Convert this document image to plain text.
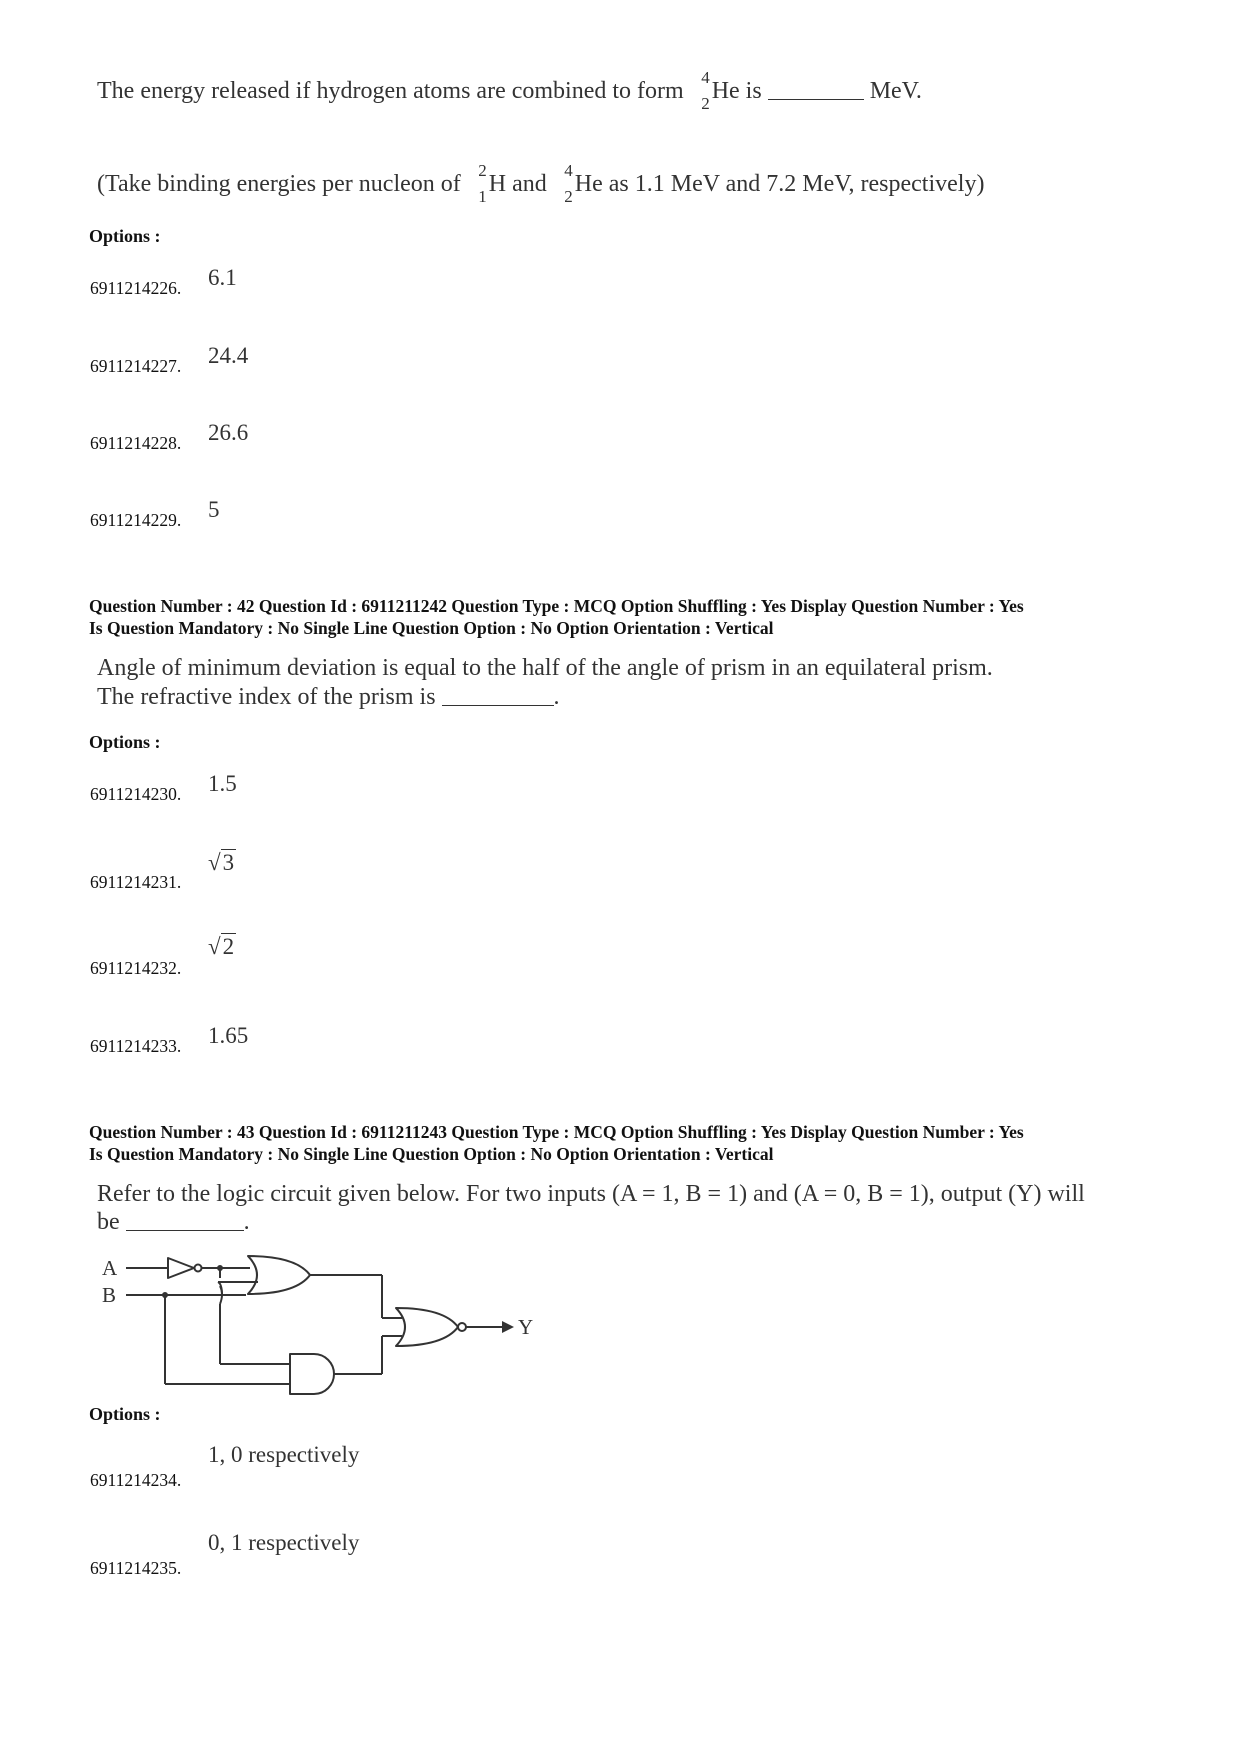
The energy released if hydrogen atoms are combined to form
4
2 He is	MeV.
(Take binding energies per nucleon of
2
1 H and
4
2 He as 1.1 MeV and 7.2 MeV, respectively)
Options :
6911214226. 6.1
6911214227. 24.4
6911214228. 26.6
6911214229. 5
Question Number : 42 Question Id : 6911211242 Question Type : MCQ Option Shuffling : Yes Display Question Number : Yes
Is Question Mandatory : No Single Line Question Option : No Option Orientation : Vertical
Angle of minimum deviation is equal to the half of the angle of prism in an equilateral prism.
The refractive index of the prism is	.
Options :
6911214230. 1.5
6911214231.
√3
6911214232.
√2
6911214233. 1.65
Question Number : 43 Question Id : 6911211243 Question Type : MCQ Option Shuffling : Yes Display Question Number : Yes
Is Question Mandatory : No Single Line Question Option : No Option Orientation : Vertical
Refer to the logic circuit given below. For two inputs (A = 1, B = 1) and (A = 0, B = 1), output (Y) will
be	.
A
B
Y
Options :
6911214234.
1, 0 respectively
6911214235.
0, 1 respectively
